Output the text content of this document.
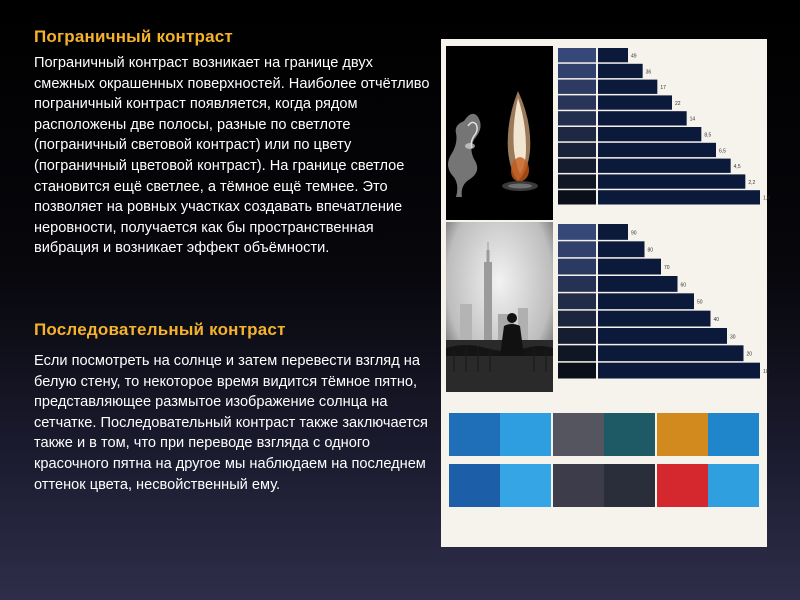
Пограничный контраст
Пограничный контраст возникает на границе двух смежных окрашенных поверхностей. Наиболее отчётливо пограничный контраст появляется, когда рядом расположены две полосы, разные по светлоте (пограничный световой контраст) или по цвету (пограничный цветовой контраст). На границе светлое становится ещё светлее, а тёмное ещё темнее. Это позволяет на ровных участках создавать впечатление неровности, получается как бы пространственная вибрация и возникает эффект объёмности.
Последовательный контраст
Если посмотреть на солнце и затем перевести взгляд на белую стену, то некоторое время видится тёмное пятно, представляющее размытое изображение солнца на сетчатке. Последовательный контраст также заключается также и в том, что при переводе взгляда с одного красочного пятна на другое мы наблюдаем на последнем оттенок цвета, несвойственный ему.
49
36
17
22
14
8,5
6,5
4,5
2,2
1,4
90
80
70
60
50
40
30
20
10
